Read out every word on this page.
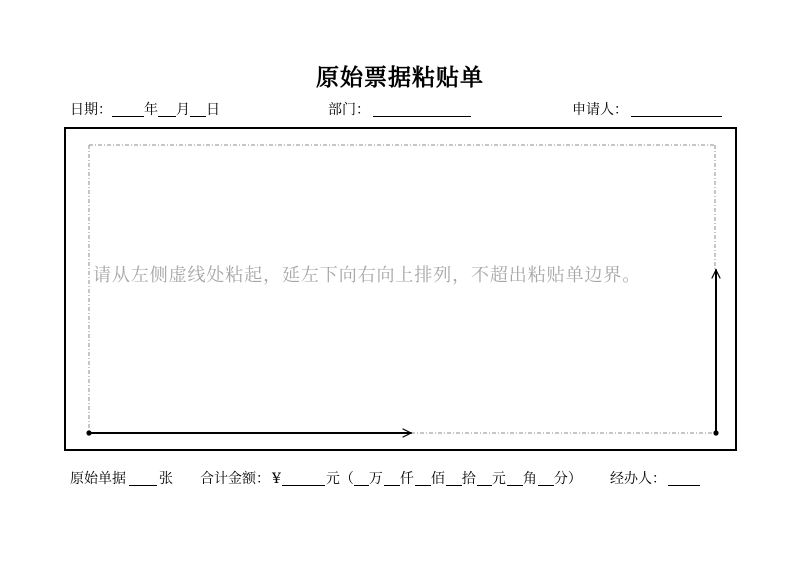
原始票据粘贴单
日期： 年 月 日	部门：	申请人：
请从左侧虚线处粘起，延左下向右向上排列，不超出粘贴单边界。
原始单据 张 合计金额： ¥	元（ 万 仟 佰 拾 元 角 分） 经办人：
